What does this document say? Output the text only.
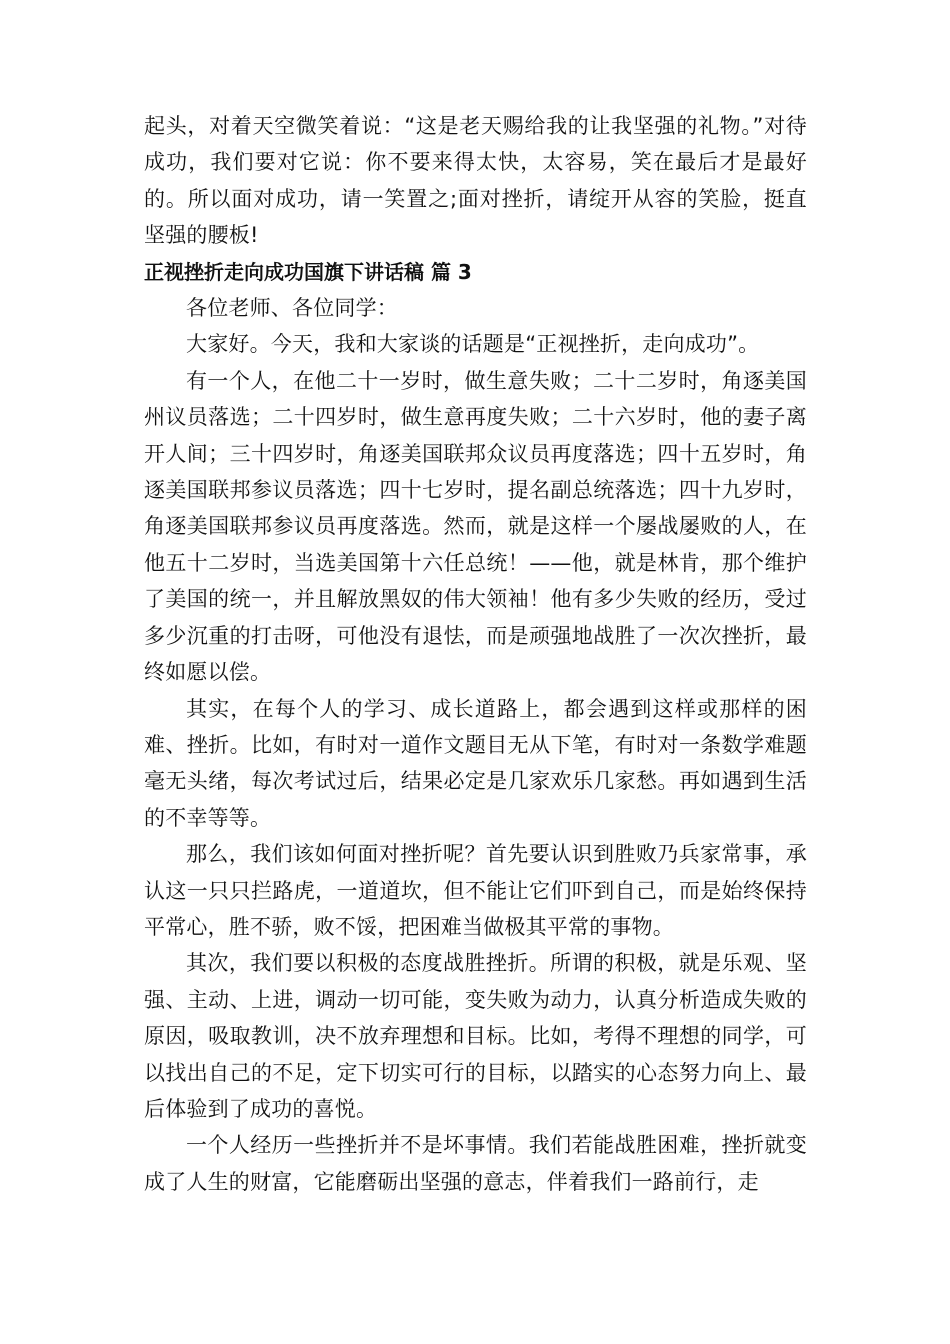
起头，对着天空微笑着说：“这是老天赐给我的让我坚强的礼物。”对待成功，我们要对它说：你不要来得太快，太容易，笑在最后才是最好的。所以面对成功，请一笑置之;面对挫折，请绽开从容的笑脸，挺直坚强的腰板!

正视挫折走向成功国旗下讲话稿 篇 3

各位老师、各位同学：

大家好。今天，我和大家谈的话题是“正视挫折，走向成功”。

有一个人，在他二十一岁时，做生意失败；二十二岁时，角逐美国州议员落选；二十四岁时，做生意再度失败；二十六岁时，他的妻子离开人间；三十四岁时，角逐美国联邦众议员再度落选；四十五岁时，角逐美国联邦参议员落选；四十七岁时，提名副总统落选；四十九岁时，角逐美国联邦参议员再度落选。然而，就是这样一个屡战屡败的人，在他五十二岁时，当选美国第十六任总统！——他，就是林肯，那个维护了美国的统一，并且解放黑奴的伟大领袖！他有多少失败的经历，受过多少沉重的打击呀，可他没有退怯，而是顽强地战胜了一次次挫折，最终如愿以偿。

其实，在每个人的学习、成长道路上，都会遇到这样或那样的困难、挫折。比如，有时对一道作文题目无从下笔，有时对一条数学难题毫无头绪，每次考试过后，结果必定是几家欢乐几家愁。再如遇到生活的不幸等等。

那么，我们该如何面对挫折呢？首先要认识到胜败乃兵家常事，承认这一只只拦路虎，一道道坎，但不能让它们吓到自己，而是始终保持平常心，胜不骄，败不馁，把困难当做极其平常的事物。

其次，我们要以积极的态度战胜挫折。所谓的积极，就是乐观、坚强、主动、上进，调动一切可能，变失败为动力，认真分析造成失败的原因，吸取教训，决不放弃理想和目标。比如，考得不理想的同学，可以找出自己的不足，定下切实可行的目标，以踏实的心态努力向上、最后体验到了成功的喜悦。

一个人经历一些挫折并不是坏事情。我们若能战胜困难，挫折就变成了人生的财富，它能磨砺出坚强的意志，伴着我们一路前行，走
